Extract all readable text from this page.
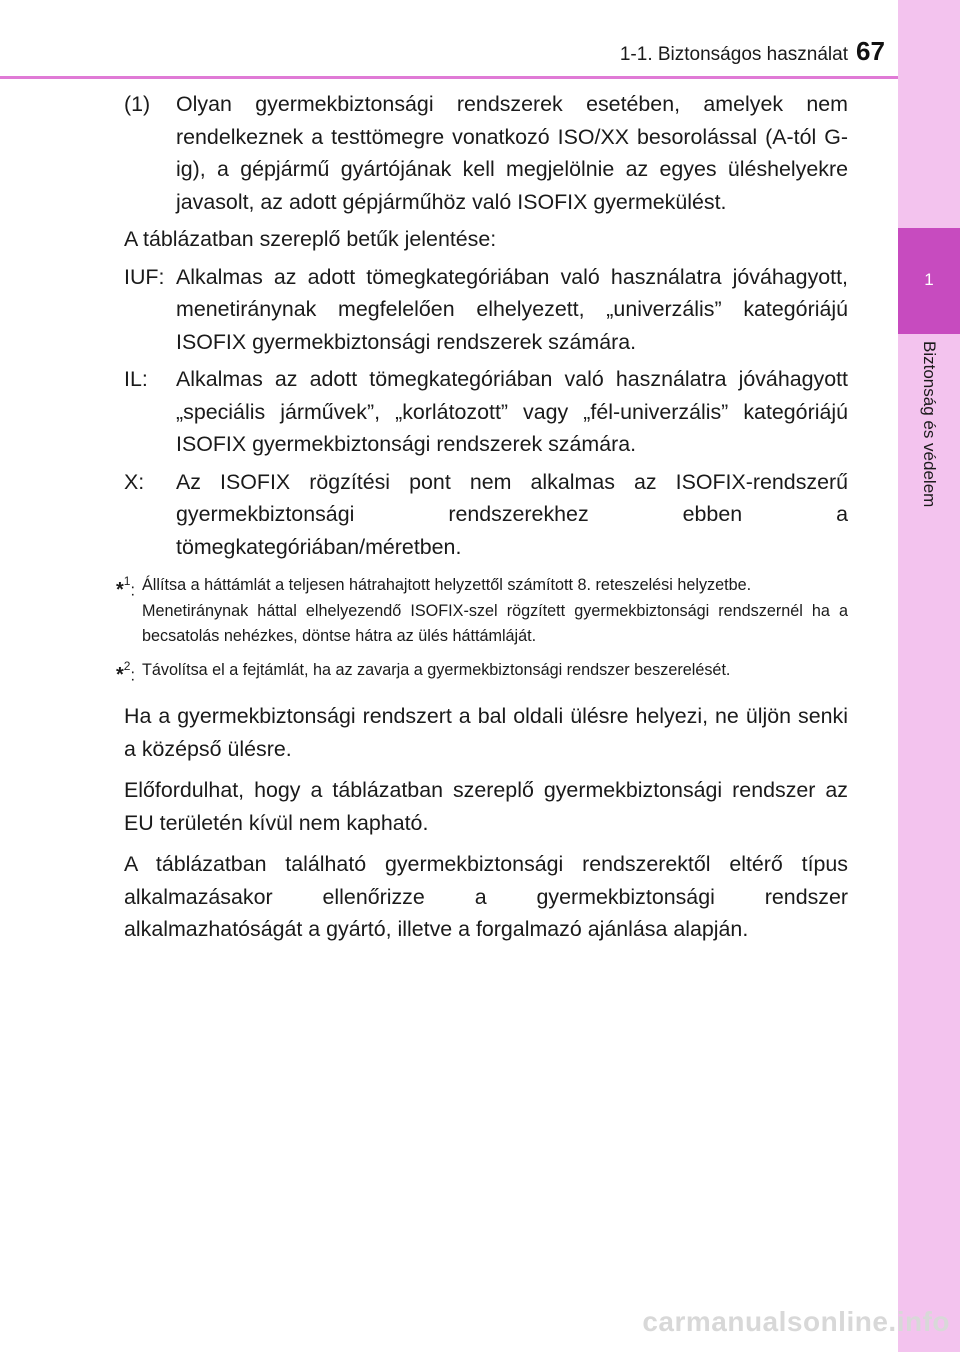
1-1. Biztonságos használat 67
1
Biztonság és védelem
(1)	Olyan gyermekbiztonsági rendszerek esetében, amelyek nem rendelkeznek a testtömegre vonatkozó ISO/XX besorolással (A-tól G-ig), a gépjármű gyártójának kell megjelölnie az egyes üléshelyekre javasolt, az adott gépjárműhöz való ISOFIX gyermekülést.

A táblázatban szereplő betűk jelentése:

IUF: Alkalmas az adott tömegkategóriában való használatra jóváhagyott, menetiránynak megfelelően elhelyezett, „univerzális” kategóriájú ISOFIX gyermekbiztonsági rendszerek számára.
IL:	Alkalmas az adott tömegkategóriában való használatra jóváhagyott „speciális járművek”, „korlátozott” vagy „fél-univerzális” kategóriájú ISOFIX gyermekbiztonsági rendszerek számára.
X:	Az ISOFIX rögzítési pont nem alkalmas az ISOFIX-rendszerű gyermekbiztonsági rendszerekhez ebben a tömegkategóriában/méretben.
*$^1$: Állítsa a háttámlát a teljesen hátrahajtott helyzettől számított 8. reteszelési helyzetbe.

Menetiránynak háttal elhelyezendő ISOFIX-szel rögzített gyermekbiztonsági rendszernél ha a becsatolás nehézkes, döntse hátra az ülés háttámláját.

*$^2$: Távolítsa el a fejtámlát, ha az zavarja a gyermekbiztonsági rendszer beszerelését.

Ha a gyermekbiztonsági rendszert a bal oldali ülésre helyezi, ne üljön senki a középső ülésre.

Előfordulhat, hogy a táblázatban szereplő gyermekbiztonsági rendszer az EU területén kívül nem kapható.

A táblázatban található gyermekbiztonsági rendszerektől eltérő típus alkalmazásakor ellenőrizze a gyermekbiztonsági rendszer alkalmazhatóságát a gyártó, illetve a forgalmazó ajánlása alapján.

carmanualsonline.info
